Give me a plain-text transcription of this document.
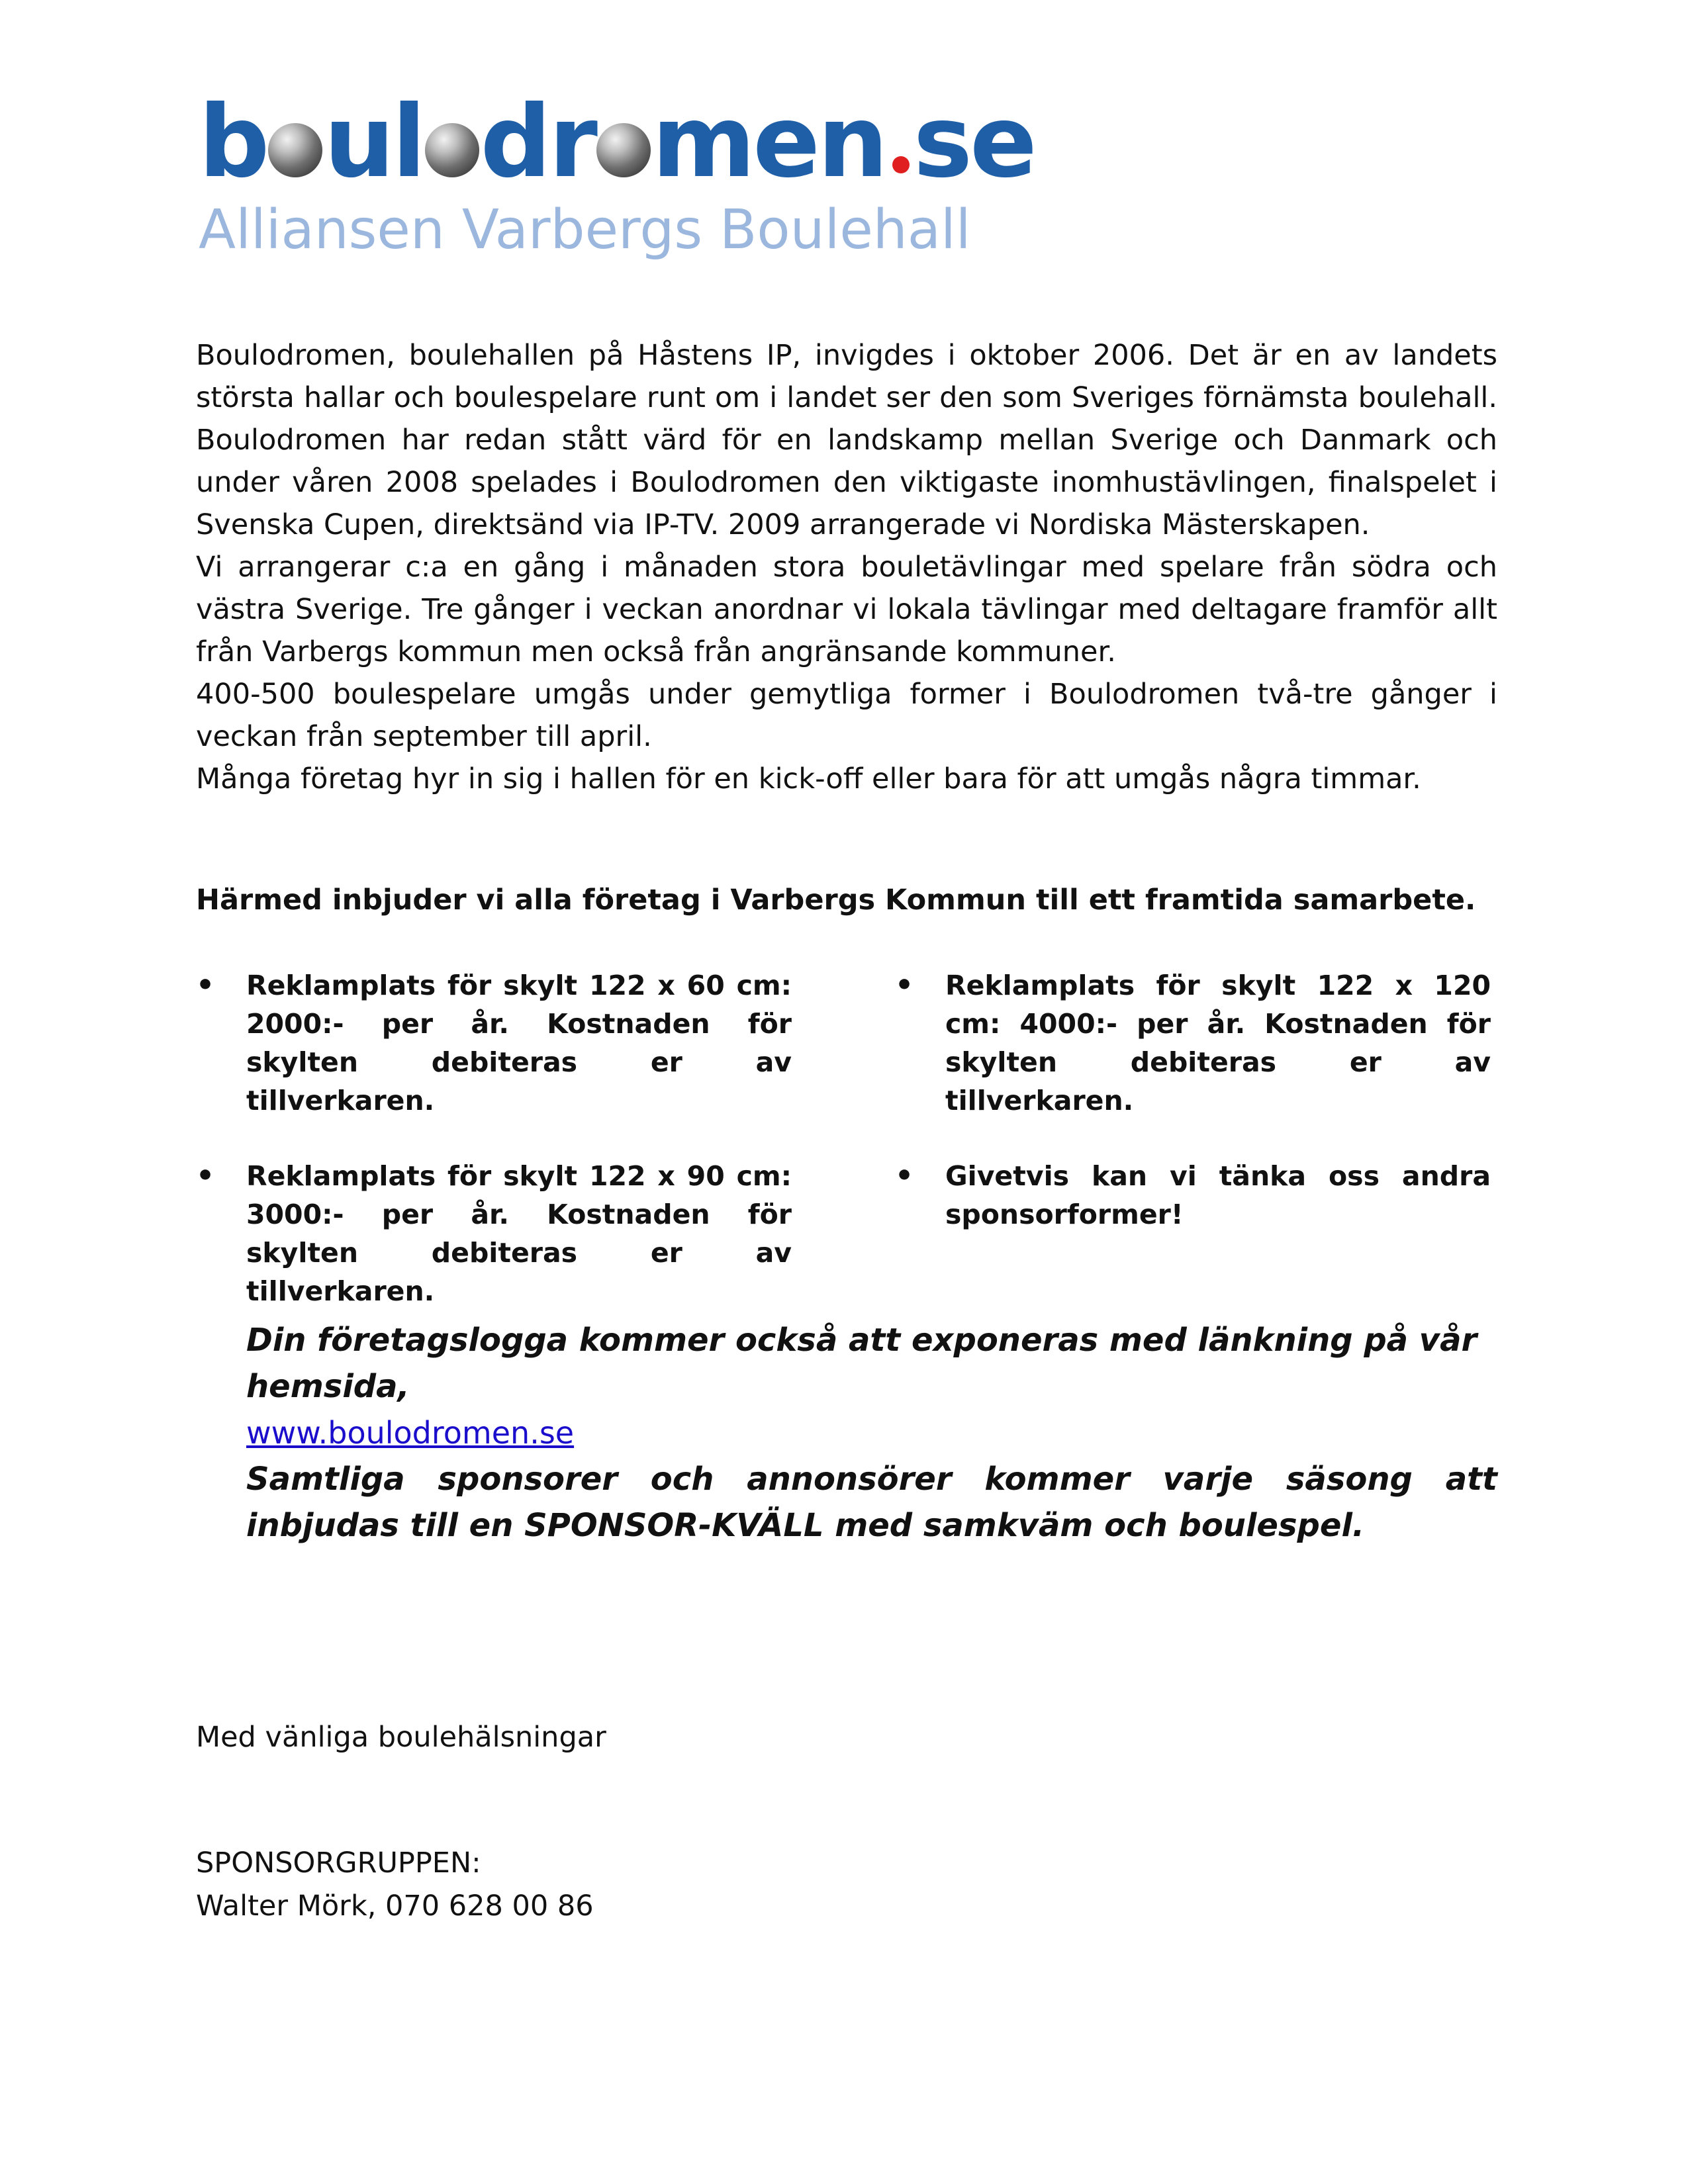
b ul dr men se
Alliansen Varbergs Boulehall

Boulodromen, boulehallen på Håstens IP, invigdes i oktober 2006. Det är en av landets största hallar och boulespelare runt om i landet ser den som Sveriges förnämsta boulehall. Boulodromen har redan stått värd för en landskamp mellan Sverige och Danmark och under våren 2008 spelades i Boulodromen den viktigaste inomhustävlingen, finalspelet i Svenska Cupen, direktsänd via IP-TV. 2009 arrangerade vi Nordiska Mästerskapen.

Vi arrangerar c:a en gång i månaden stora bouletävlingar med spelare från södra och västra Sverige. Tre gånger i veckan anordnar vi lokala tävlingar med deltagare framför allt från Varbergs kommun men också från angränsande kommuner.

400-500 boulespelare umgås under gemytliga former i Boulodromen två-tre gånger i veckan från september till april.

Många företag hyr in sig i hallen för en kick-off eller bara för att umgås några timmar.

Härmed inbjuder vi alla företag i Varbergs Kommun till ett framtida samarbete.
• Reklamplats för skylt 122 x 60 cm: 2000:- per år. Kostnaden för skylten debiteras er av tillverkaren.
• Reklamplats för skylt 122 x 90 cm: 3000:- per år. Kostnaden för skylten debiteras er av tillverkaren.
• Reklamplats för skylt 122 x 120 cm: 4000:- per år. Kostnaden för skylten debiteras er av tillverkaren.
• Givetvis kan vi tänka oss andra sponsorformer!
Din företagslogga kommer också att exponeras med länkning på vår hemsida,
www.boulodromen.se
Samtliga sponsorer och annonsörer kommer varje säsong att inbjudas till en SPONSOR-KVÄLL med samkväm och boulespel.
Med vänliga boulehälsningar
SPONSORGRUPPEN:
Walter Mörk, 070 628 00 86
